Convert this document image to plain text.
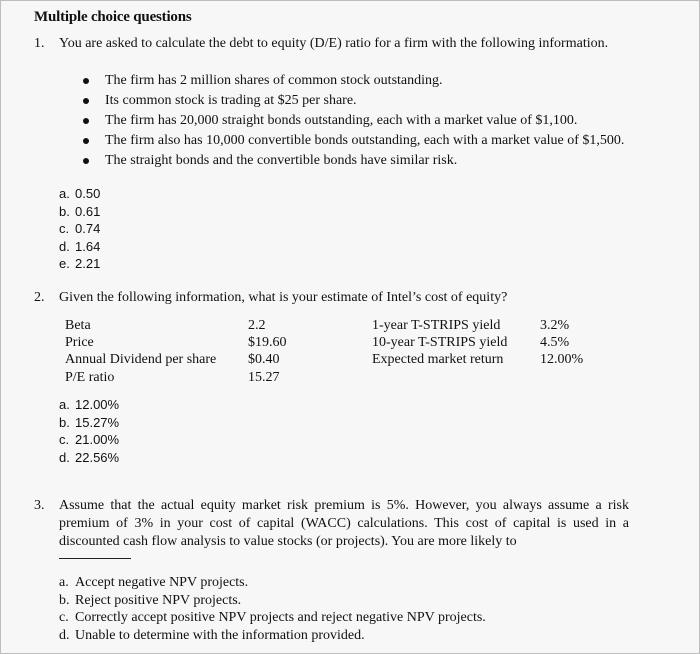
Multiple choice questions
1. You are asked to calculate the debt to equity (D/E) ratio for a firm with the following information.
The firm has 2 million shares of common stock outstanding.
Its common stock is trading at $25 per share.
The firm has 20,000 straight bonds outstanding, each with a market value of $1,100.
The firm also has 10,000 convertible bonds outstanding, each with a market value of $1,500.
The straight bonds and the convertible bonds have similar risk.
a. 0.50
b. 0.61
c. 0.74
d. 1.64
e. 2.21
2. Given the following information, what is your estimate of Intel’s cost of equity?
Beta	2.2
Price	$19.60
Annual Dividend per share $0.40
P/E ratio	15.27
1-year T-STRIPS yield	3.2%
10-year T-STRIPS yield 4.5%
Expected market return	12.00%
a. 12.00%
b. 15.27%
c. 21.00%
d. 22.56%
3. Assume that the actual equity market risk premium is 5%. However, you always assume a risk premium of 3% in your cost of capital (WACC) calculations. This cost of capital is used in a discounted cash flow analysis to value stocks (or projects). You are more likely to
a. Accept negative NPV projects.
b. Reject positive NPV projects.
c. Correctly accept positive NPV projects and reject negative NPV projects.
d. Unable to determine with the information provided.
